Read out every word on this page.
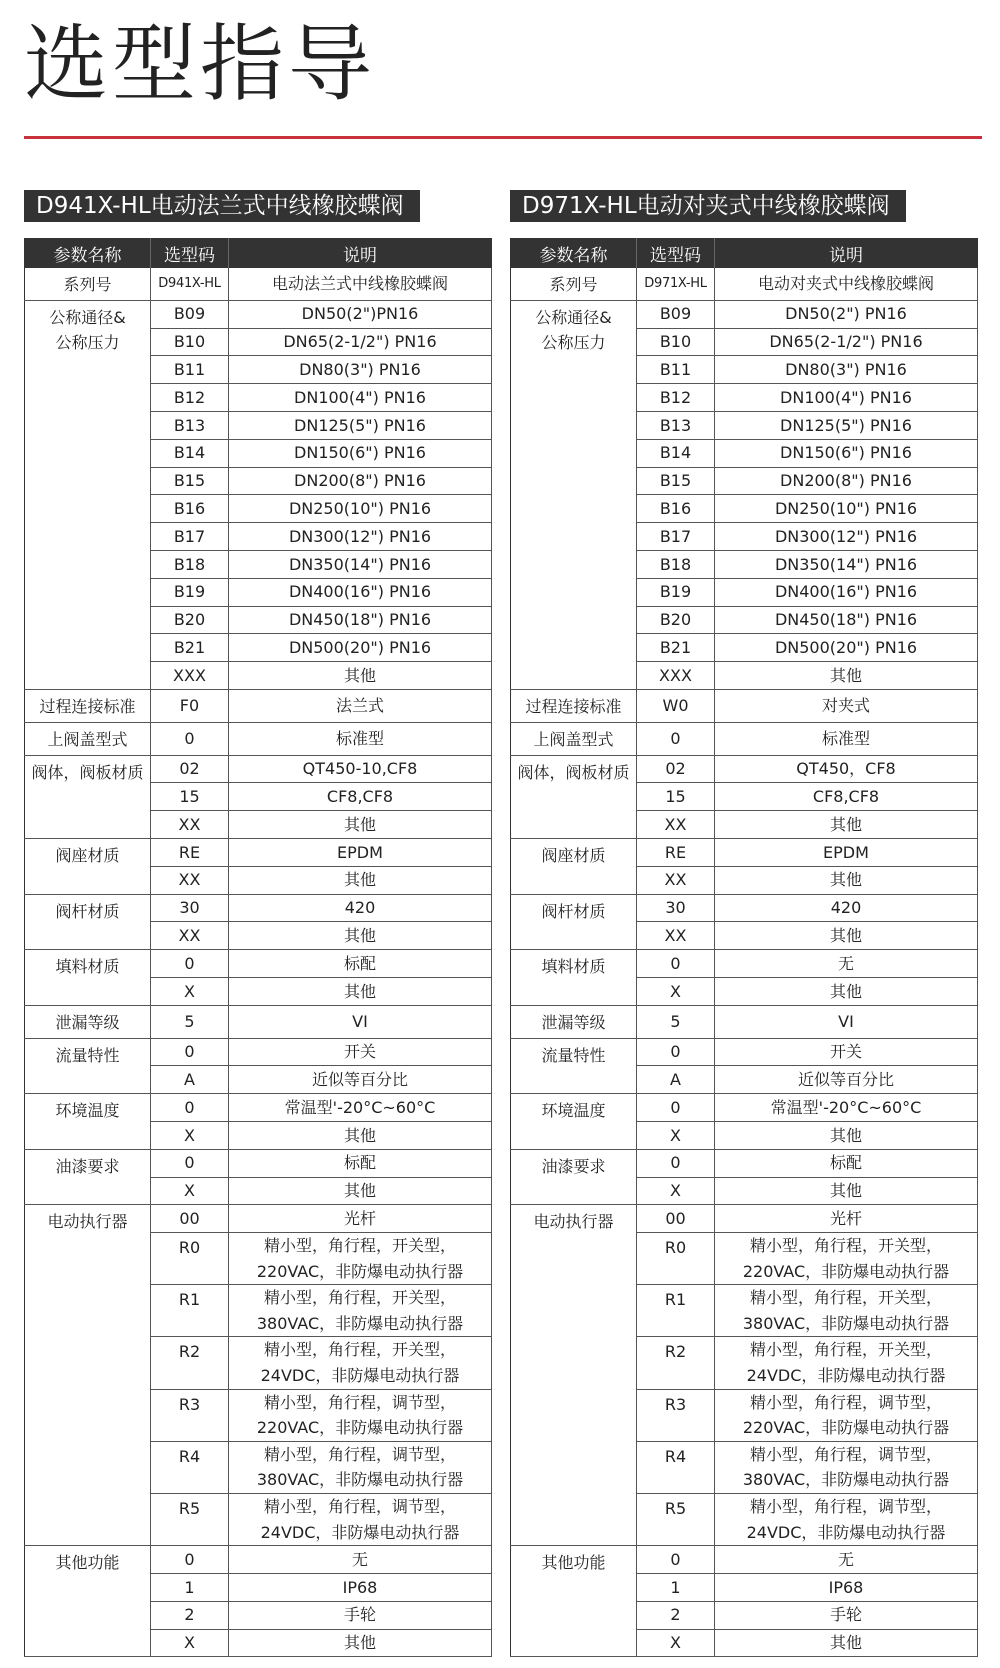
选型指导
D941X-HL电动法兰式中线橡胶蝶阀
参数名称	选型码	说明
系列号	D941X-HL	电动法兰式中线橡胶蝶阀
公称通径&
公称压力	B09	DN50(2")PN16
	B10	DN65(2-1/2") PN16
	B11	DN80(3") PN16
	B12	DN100(4") PN16
	B13	DN125(5") PN16
	B14	DN150(6") PN16
	B15	DN200(8") PN16
	B16	DN250(10") PN16
	B17	DN300(12") PN16
	B18	DN350(14") PN16
	B19	DN400(16") PN16
	B20	DN450(18") PN16
	B21	DN500(20") PN16
	XXX	其他
过程连接标准	F0	法兰式
上阀盖型式	0	标准型
阀体，阀板材质	02	QT450-10,CF8
	15	CF8,CF8
	XX	其他
阀座材质	RE	EPDM
	XX	其他
阀杆材质	30	420
	XX	其他
填料材质	0	标配
	X	其他
泄漏等级	5	VI
流量特性	0	开关
	A	近似等百分比
环境温度	0	常温型'-20°C~60°C
	X	其他
油漆要求	0	标配
	X	其他
电动执行器	00	光杆
	R0	精小型，角行程，开关型，
220VAC，非防爆电动执行器
	R1	精小型，角行程，开关型，
380VAC，非防爆电动执行器
	R2	精小型，角行程，开关型，
24VDC，非防爆电动执行器
	R3	精小型，角行程，调节型，
220VAC，非防爆电动执行器
	R4	精小型，角行程，调节型，
380VAC，非防爆电动执行器
	R5	精小型，角行程，调节型，
24VDC，非防爆电动执行器
其他功能	0	无
	1	IP68
	2	手轮
	X	其他
D971X-HL电动对夹式中线橡胶蝶阀
参数名称	选型码	说明
系列号	D971X-HL	电动对夹式中线橡胶蝶阀
公称通径&
公称压力	B09	DN50(2") PN16
	B10	DN65(2-1/2") PN16
	B11	DN80(3") PN16
	B12	DN100(4") PN16
	B13	DN125(5") PN16
	B14	DN150(6") PN16
	B15	DN200(8") PN16
	B16	DN250(10") PN16
	B17	DN300(12") PN16
	B18	DN350(14") PN16
	B19	DN400(16") PN16
	B20	DN450(18") PN16
	B21	DN500(20") PN16
	XXX	其他
过程连接标准	W0	对夹式
上阀盖型式	0	标准型
阀体，阀板材质	02	QT450，CF8
	15	CF8,CF8
	XX	其他
阀座材质	RE	EPDM
	XX	其他
阀杆材质	30	420
	XX	其他
填料材质	0	无
	X	其他
泄漏等级	5	VI
流量特性	0	开关
	A	近似等百分比
环境温度	0	常温型'-20°C~60°C
	X	其他
油漆要求	0	标配
	X	其他
电动执行器	00	光杆
	R0	精小型，角行程，开关型，
220VAC，非防爆电动执行器
	R1	精小型，角行程，开关型，
380VAC，非防爆电动执行器
	R2	精小型，角行程，开关型，
24VDC，非防爆电动执行器
	R3	精小型，角行程，调节型，
220VAC，非防爆电动执行器
	R4	精小型，角行程，调节型，
380VAC，非防爆电动执行器
	R5	精小型，角行程，调节型，
24VDC，非防爆电动执行器
其他功能	0	无
	1	IP68
	2	手轮
	X	其他
